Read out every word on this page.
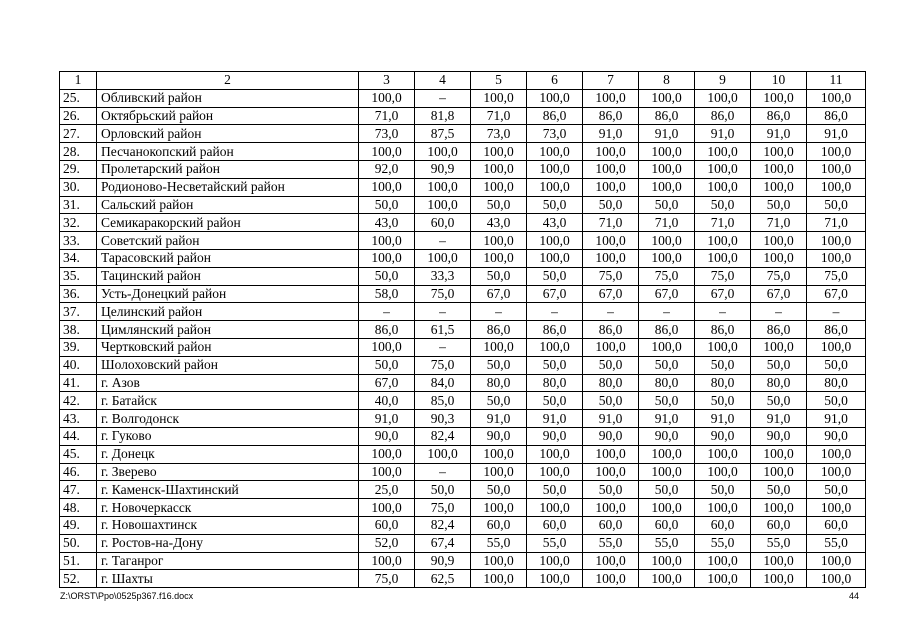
1	2	3	4	5	6	7	8	9	10	11
25.	Обливский район	100,0	–	100,0	100,0	100,0	100,0	100,0	100,0	100,0
26.	Октябрьский район	71,0	81,8	71,0	86,0	86,0	86,0	86,0	86,0	86,0
27.	Орловский район	73,0	87,5	73,0	73,0	91,0	91,0	91,0	91,0	91,0
28.	Песчанокопский район	100,0	100,0	100,0	100,0	100,0	100,0	100,0	100,0	100,0
29.	Пролетарский район	92,0	90,9	100,0	100,0	100,0	100,0	100,0	100,0	100,0
30.	Родионово-Несветайский район	100,0	100,0	100,0	100,0	100,0	100,0	100,0	100,0	100,0
31.	Сальский район	50,0	100,0	50,0	50,0	50,0	50,0	50,0	50,0	50,0
32.	Семикаракорский район	43,0	60,0	43,0	43,0	71,0	71,0	71,0	71,0	71,0
33.	Советский район	100,0	–	100,0	100,0	100,0	100,0	100,0	100,0	100,0
34.	Тарасовский район	100,0	100,0	100,0	100,0	100,0	100,0	100,0	100,0	100,0
35.	Тацинский район	50,0	33,3	50,0	50,0	75,0	75,0	75,0	75,0	75,0
36.	Усть-Донецкий район	58,0	75,0	67,0	67,0	67,0	67,0	67,0	67,0	67,0
37.	Целинский район	–	–	–	–	–	–	–	–	–
38.	Цимлянский район	86,0	61,5	86,0	86,0	86,0	86,0	86,0	86,0	86,0
39.	Чертковский район	100,0	–	100,0	100,0	100,0	100,0	100,0	100,0	100,0
40.	Шолоховский район	50,0	75,0	50,0	50,0	50,0	50,0	50,0	50,0	50,0
41.	г. Азов	67,0	84,0	80,0	80,0	80,0	80,0	80,0	80,0	80,0
42.	г. Батайск	40,0	85,0	50,0	50,0	50,0	50,0	50,0	50,0	50,0
43.	г. Волгодонск	91,0	90,3	91,0	91,0	91,0	91,0	91,0	91,0	91,0
44.	г. Гуково	90,0	82,4	90,0	90,0	90,0	90,0	90,0	90,0	90,0
45.	г. Донецк	100,0	100,0	100,0	100,0	100,0	100,0	100,0	100,0	100,0
46.	г. Зверево	100,0	–	100,0	100,0	100,0	100,0	100,0	100,0	100,0
47.	г. Каменск-Шахтинский	25,0	50,0	50,0	50,0	50,0	50,0	50,0	50,0	50,0
48.	г. Новочеркасск	100,0	75,0	100,0	100,0	100,0	100,0	100,0	100,0	100,0
49.	г. Новошахтинск	60,0	82,4	60,0	60,0	60,0	60,0	60,0	60,0	60,0
50.	г. Ростов-на-Дону	52,0	67,4	55,0	55,0	55,0	55,0	55,0	55,0	55,0
51.	г. Таганрог	100,0	90,9	100,0	100,0	100,0	100,0	100,0	100,0	100,0
52.	г. Шахты	75,0	62,5	100,0	100,0	100,0	100,0	100,0	100,0	100,0
Z:\ORST\Ppo\0525p367.f16.docx	44
